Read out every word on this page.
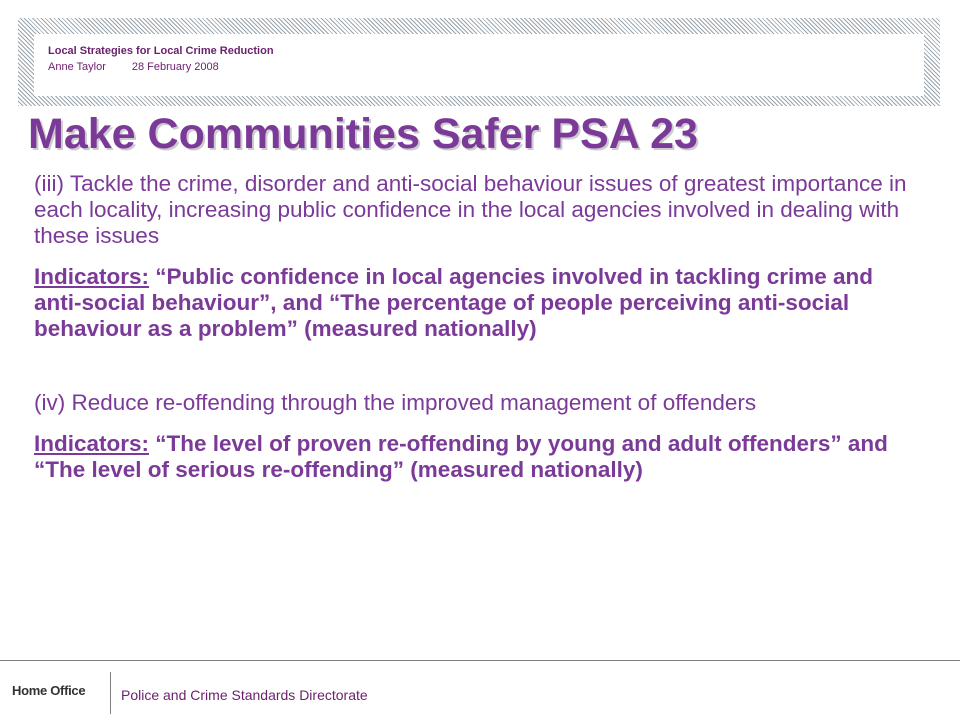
Local Strategies for Local Crime Reduction
Anne Taylor 28 February 2008
Make Communities Safer PSA 23

(iii) Tackle the crime, disorder and anti-social behaviour issues of greatest importance in each locality, increasing public confidence in the local agencies involved in dealing with these issues

Indicators: “Public confidence in local agencies involved in tackling crime and anti-social behaviour”, and “The percentage of people perceiving anti-social behaviour as a problem” (measured nationally)

(iv) Reduce re-offending through the improved management of offenders

Indicators: “The level of proven re-offending by young and adult offenders” and “The level of serious re-offending” (measured nationally)

Home Office	Police and Crime Standards Directorate
